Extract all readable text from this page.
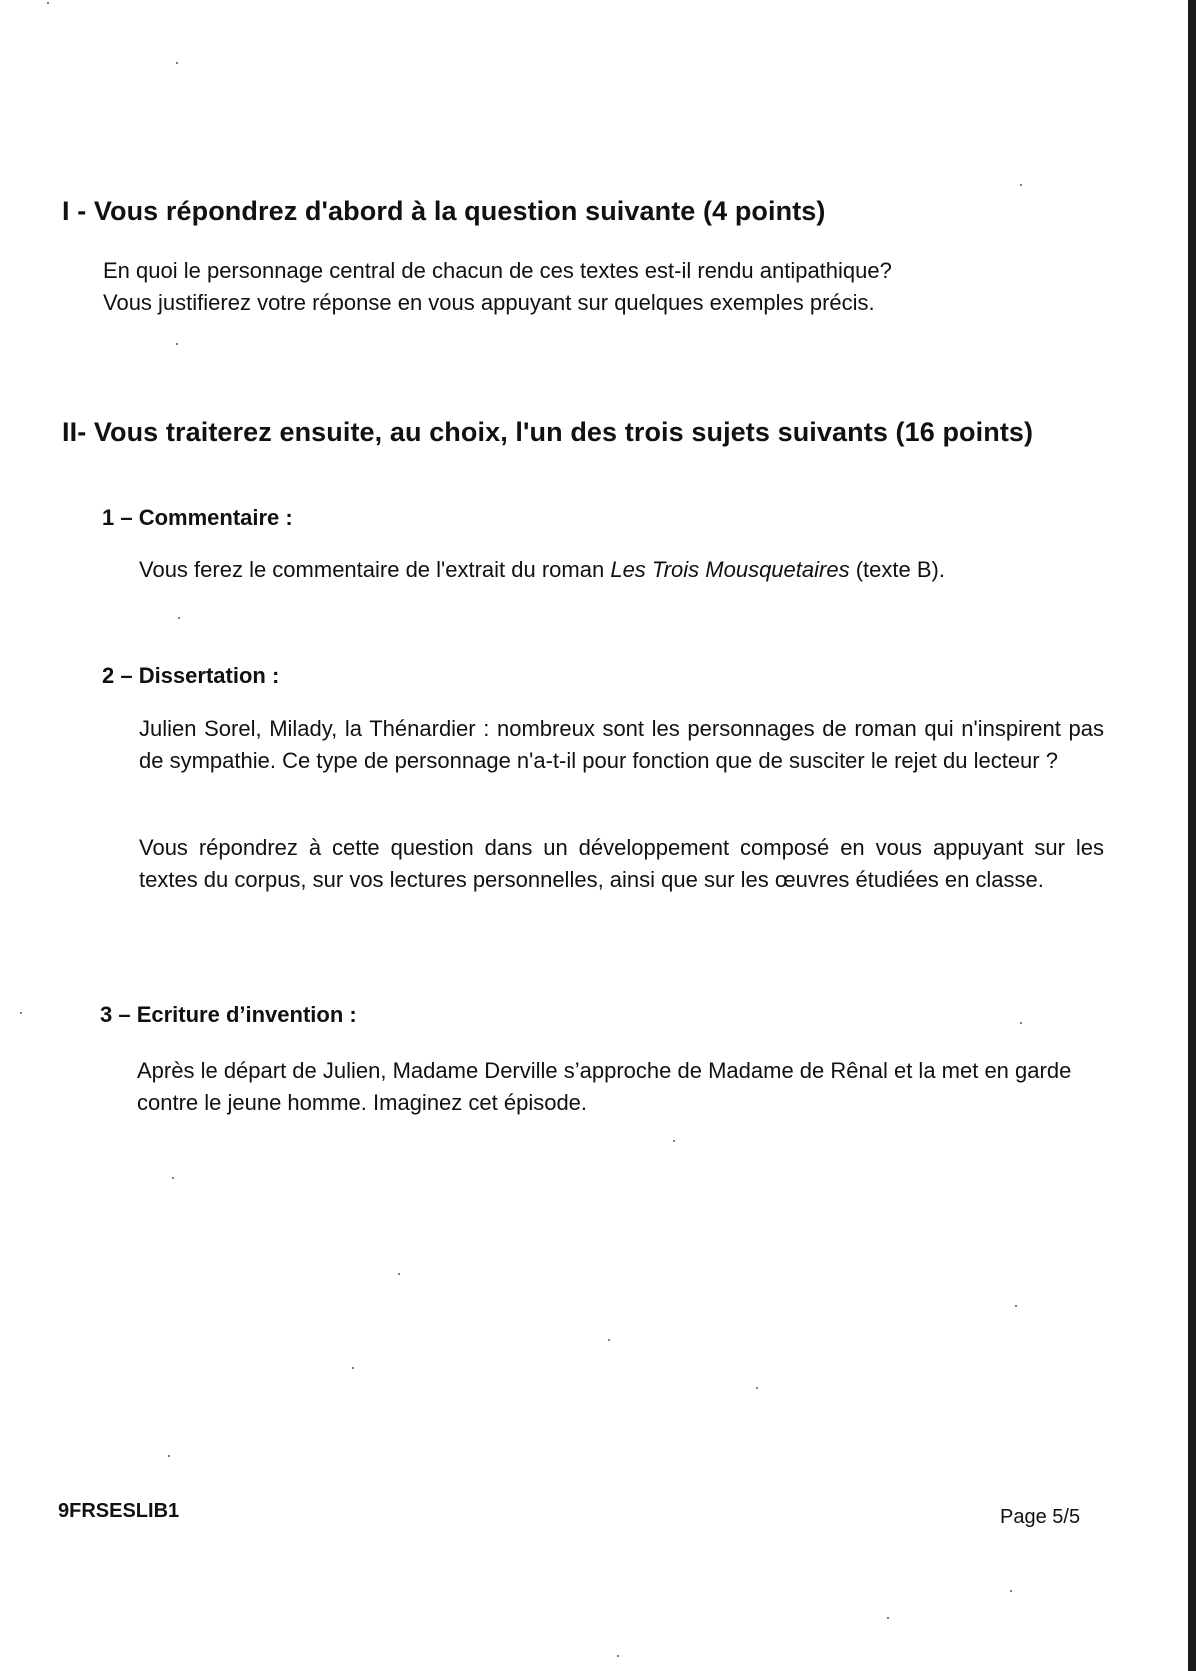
I - Vous répondrez d'abord à la question suivante (4 points)
En quoi le personnage central de chacun de ces textes est-il rendu antipathique?
Vous justifierez votre réponse en vous appuyant sur quelques exemples précis.
II- Vous traiterez ensuite, au choix, l'un des trois sujets suivants (16 points)
1 – Commentaire :
Vous ferez le commentaire de l'extrait du roman Les Trois Mousquetaires (texte B).
2 – Dissertation :
Julien Sorel, Milady, la Thénardier : nombreux sont les personnages de roman qui n'inspirent pas de sympathie. Ce type de personnage n'a-t-il pour fonction que de susciter le rejet du lecteur ?
Vous répondrez à cette question dans un développement composé en vous appuyant sur les textes du corpus, sur vos lectures personnelles, ainsi que sur les œuvres étudiées en classe.
3 – Ecriture d’invention :
Après le départ de Julien, Madame Derville s’approche de Madame de Rênal et la met en garde contre le jeune homme. Imaginez cet épisode.
9FRSESLIB1	Page 5/5
